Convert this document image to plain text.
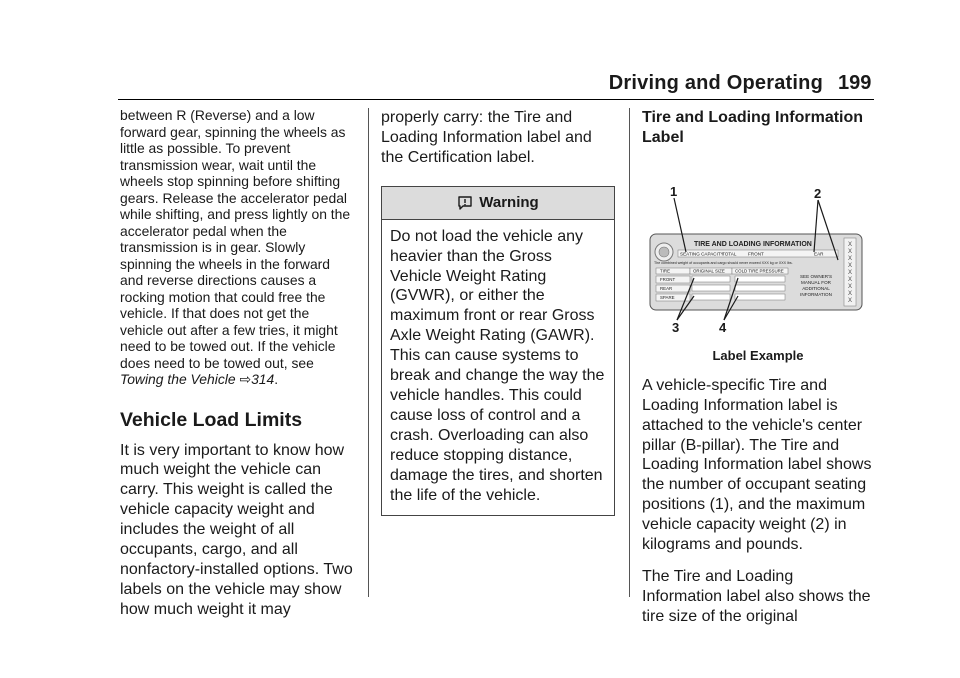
Driving and Operating 199

between R (Reverse) and a low forward gear, spinning the wheels as little as possible. To prevent transmission wear, wait until the wheels stop spinning before shifting gears. Release the accelerator pedal while shifting, and press lightly on the accelerator pedal when the transmission is in gear. Slowly spinning the wheels in the forward and reverse directions causes a rocking motion that could free the vehicle. If that does not get the vehicle out after a few tries, it might need to be towed out. If the vehicle does need to be towed out, see Towing the Vehicle ⇨314.

Vehicle Load Limits

It is very important to know how much weight the vehicle can carry. This weight is called the vehicle capacity weight and includes the weight of all occupants, cargo, and all nonfactory-installed options. Two labels on the vehicle may show how much weight it may

properly carry: the Tire and Loading Information label and the Certification label.

Warning

Do not load the vehicle any heavier than the Gross Vehicle Weight Rating (GVWR), or either the maximum front or rear Gross Axle Weight Rating (GAWR). This can cause systems to break and change the way the vehicle handles. This could cause loss of control and a crash. Overloading can also reduce stopping distance, damage the tires, and shorten the life of the vehicle.

Tire and Loading Information Label
1	2
3	4
X
X
X
X
X
X
X
X
X
TIRE AND LOADING INFORMATION
SEATING CAPACITY
TOTAL	FRONT	EAR
The combined weight of occupants and cargo should never exceed XXX kg or XXX lbs.
TIRE	ORIGINAL SIZE COLD TIRE PRESSURE
FRONT
REAR
SPARE
SEE OWNER'S
MANUAL FOR
ADDITIONAL
INFORMATION
Label Example

A vehicle-specific Tire and Loading Information label is attached to the vehicle's center pillar (B-pillar). The Tire and Loading Information label shows the number of occupant seating positions (1), and the maximum vehicle capacity weight (2) in kilograms and pounds.

The Tire and Loading Information label also shows the tire size of the original
